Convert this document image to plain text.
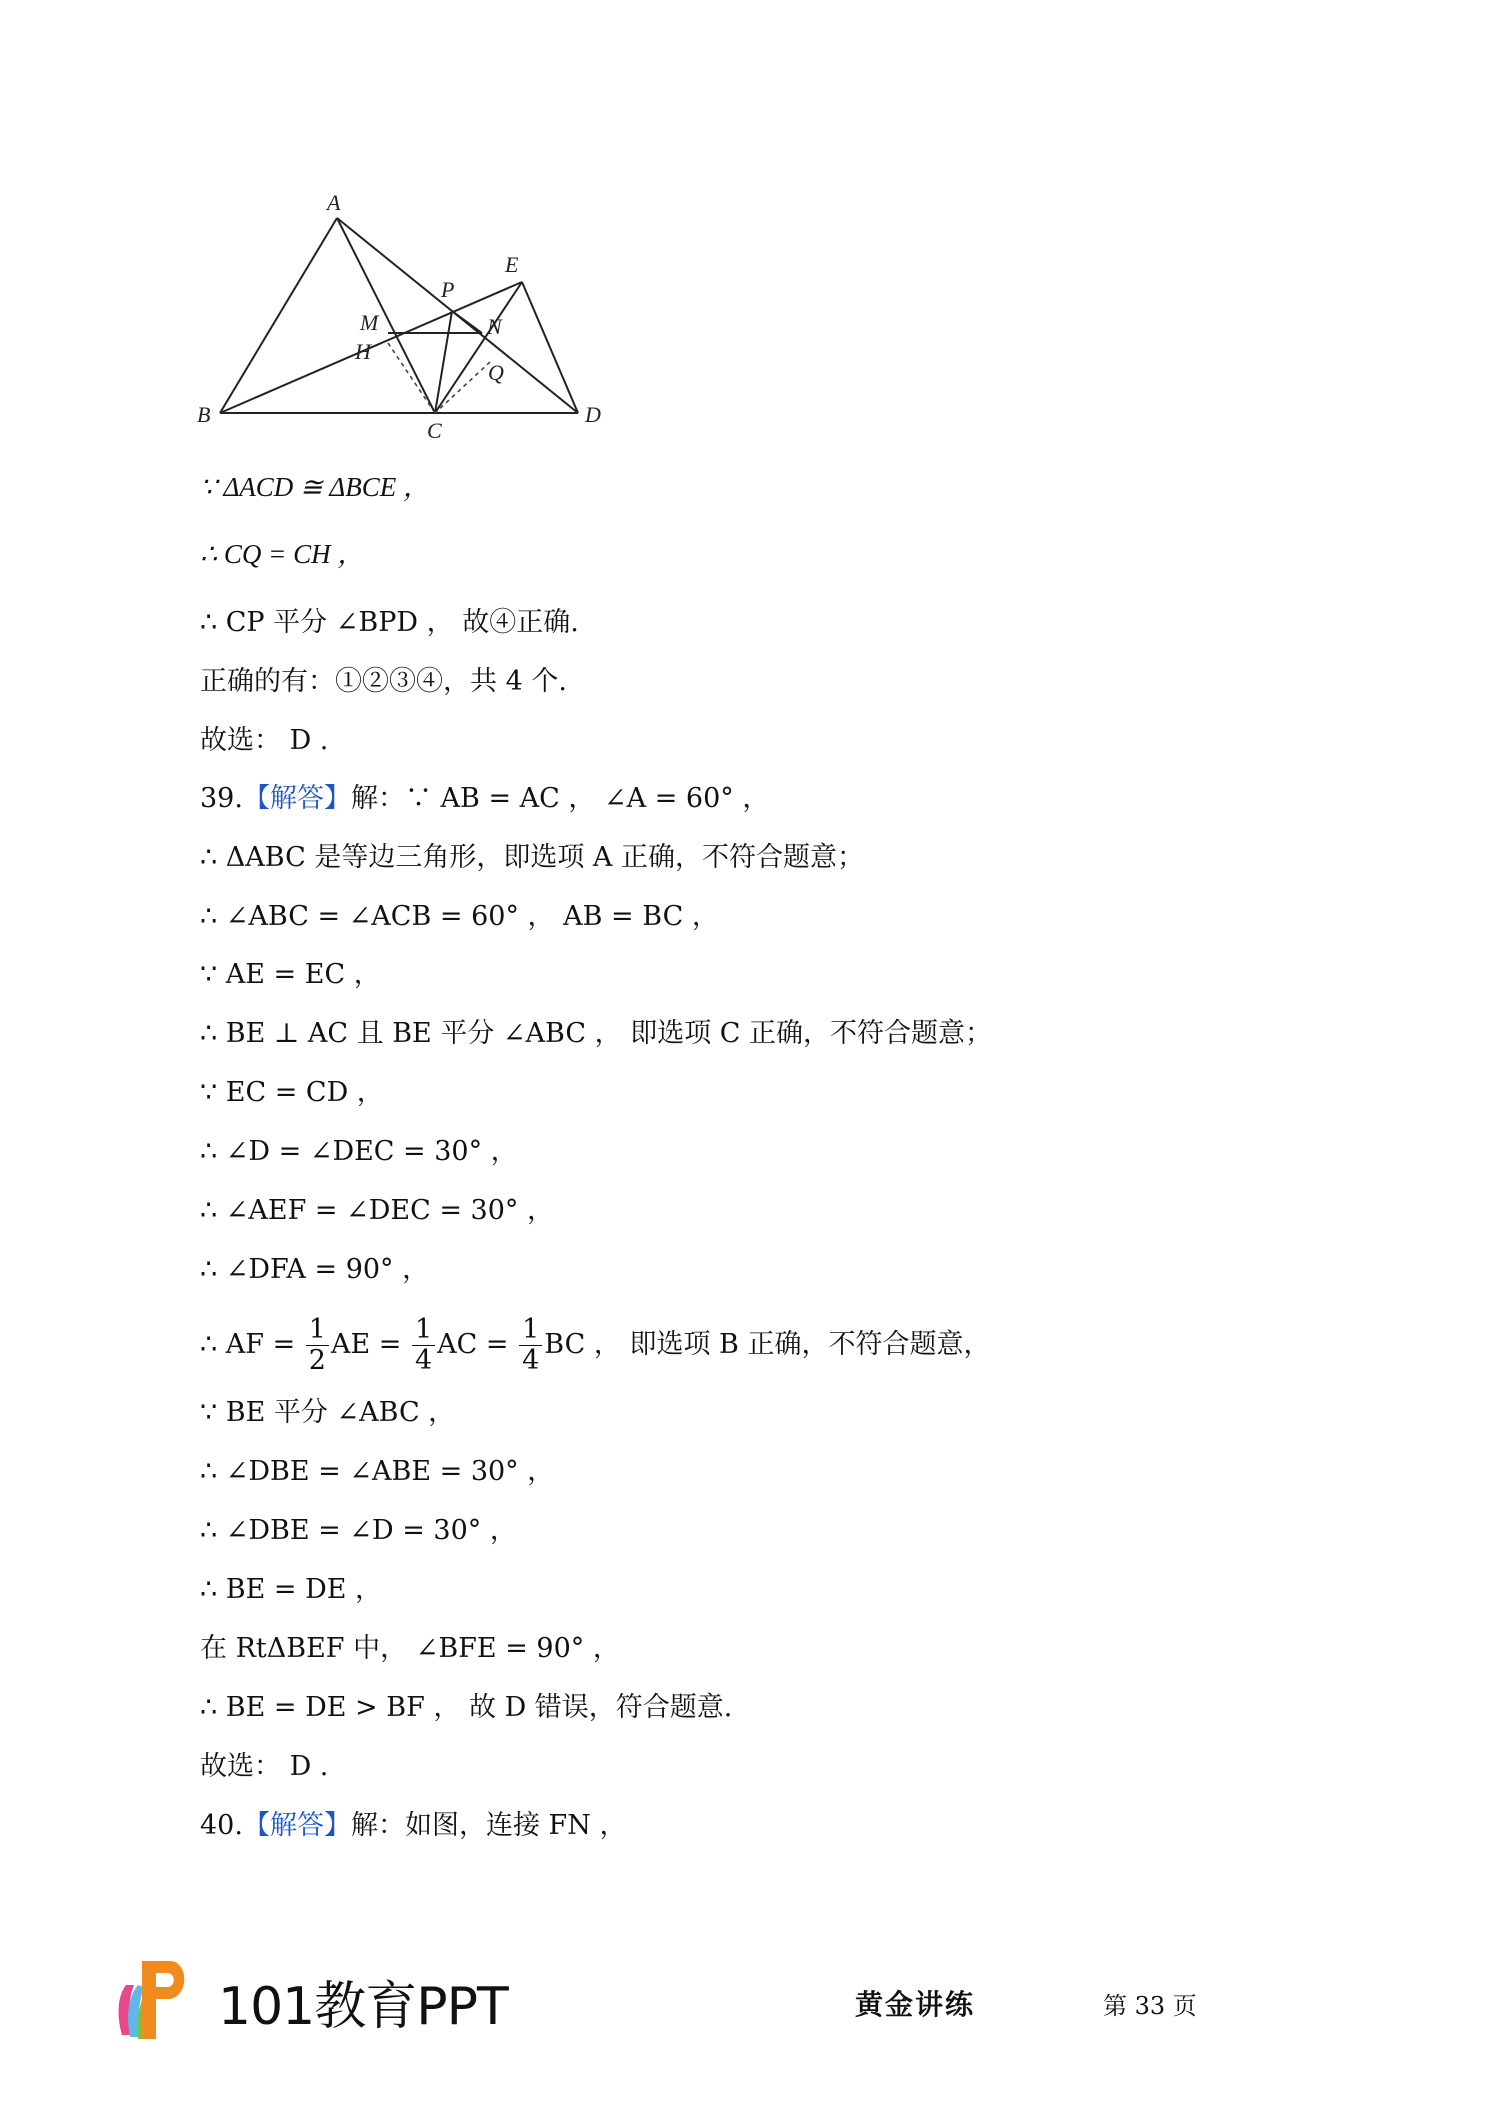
A
B
C
D
E
P
M	N
H
Q
∵ ΔACD ≅ ΔBCE ，
∴ CQ = CH ，
∴ CP 平分 ∠BPD ， 故④正确.
正确的有：①②③④，共 4 个.
故选： D .
39.【解答】解：∵ AB = AC ， ∠A = 60° ，
∴ ΔABC 是等边三角形，即选项 A 正确，不符合题意；
∴ ∠ABC = ∠ACB = 60° ， AB = BC ，
∵ AE = EC ，
∴ BE ⊥ AC 且 BE 平分 ∠ABC ， 即选项 C 正确，不符合题意；
∵ EC = CD ，
∴ ∠D = ∠DEC = 30° ，
∴ ∠AEF = ∠DEC = 30° ，
∴ ∠DFA = 90° ，
∴ AF = $\frac{1}{2}$ AE = $\frac{1}{4}$ AC = $\frac{1}{4}$ BC ， 即选项 B 正确，不符合题意，
∵ BE 平分 ∠ABC ，
∴ ∠DBE = ∠ABE = 30° ，
∴ ∠DBE = ∠D = 30° ，
∴ BE = DE ，
在 RtΔBEF 中， ∠BFE = 90° ，
∴ BE = DE > BF ， 故 D 错误，符合题意.
故选： D .
40.【解答】解：如图，连接 FN ，
101教育PPT	黄金讲练	第 33 页
